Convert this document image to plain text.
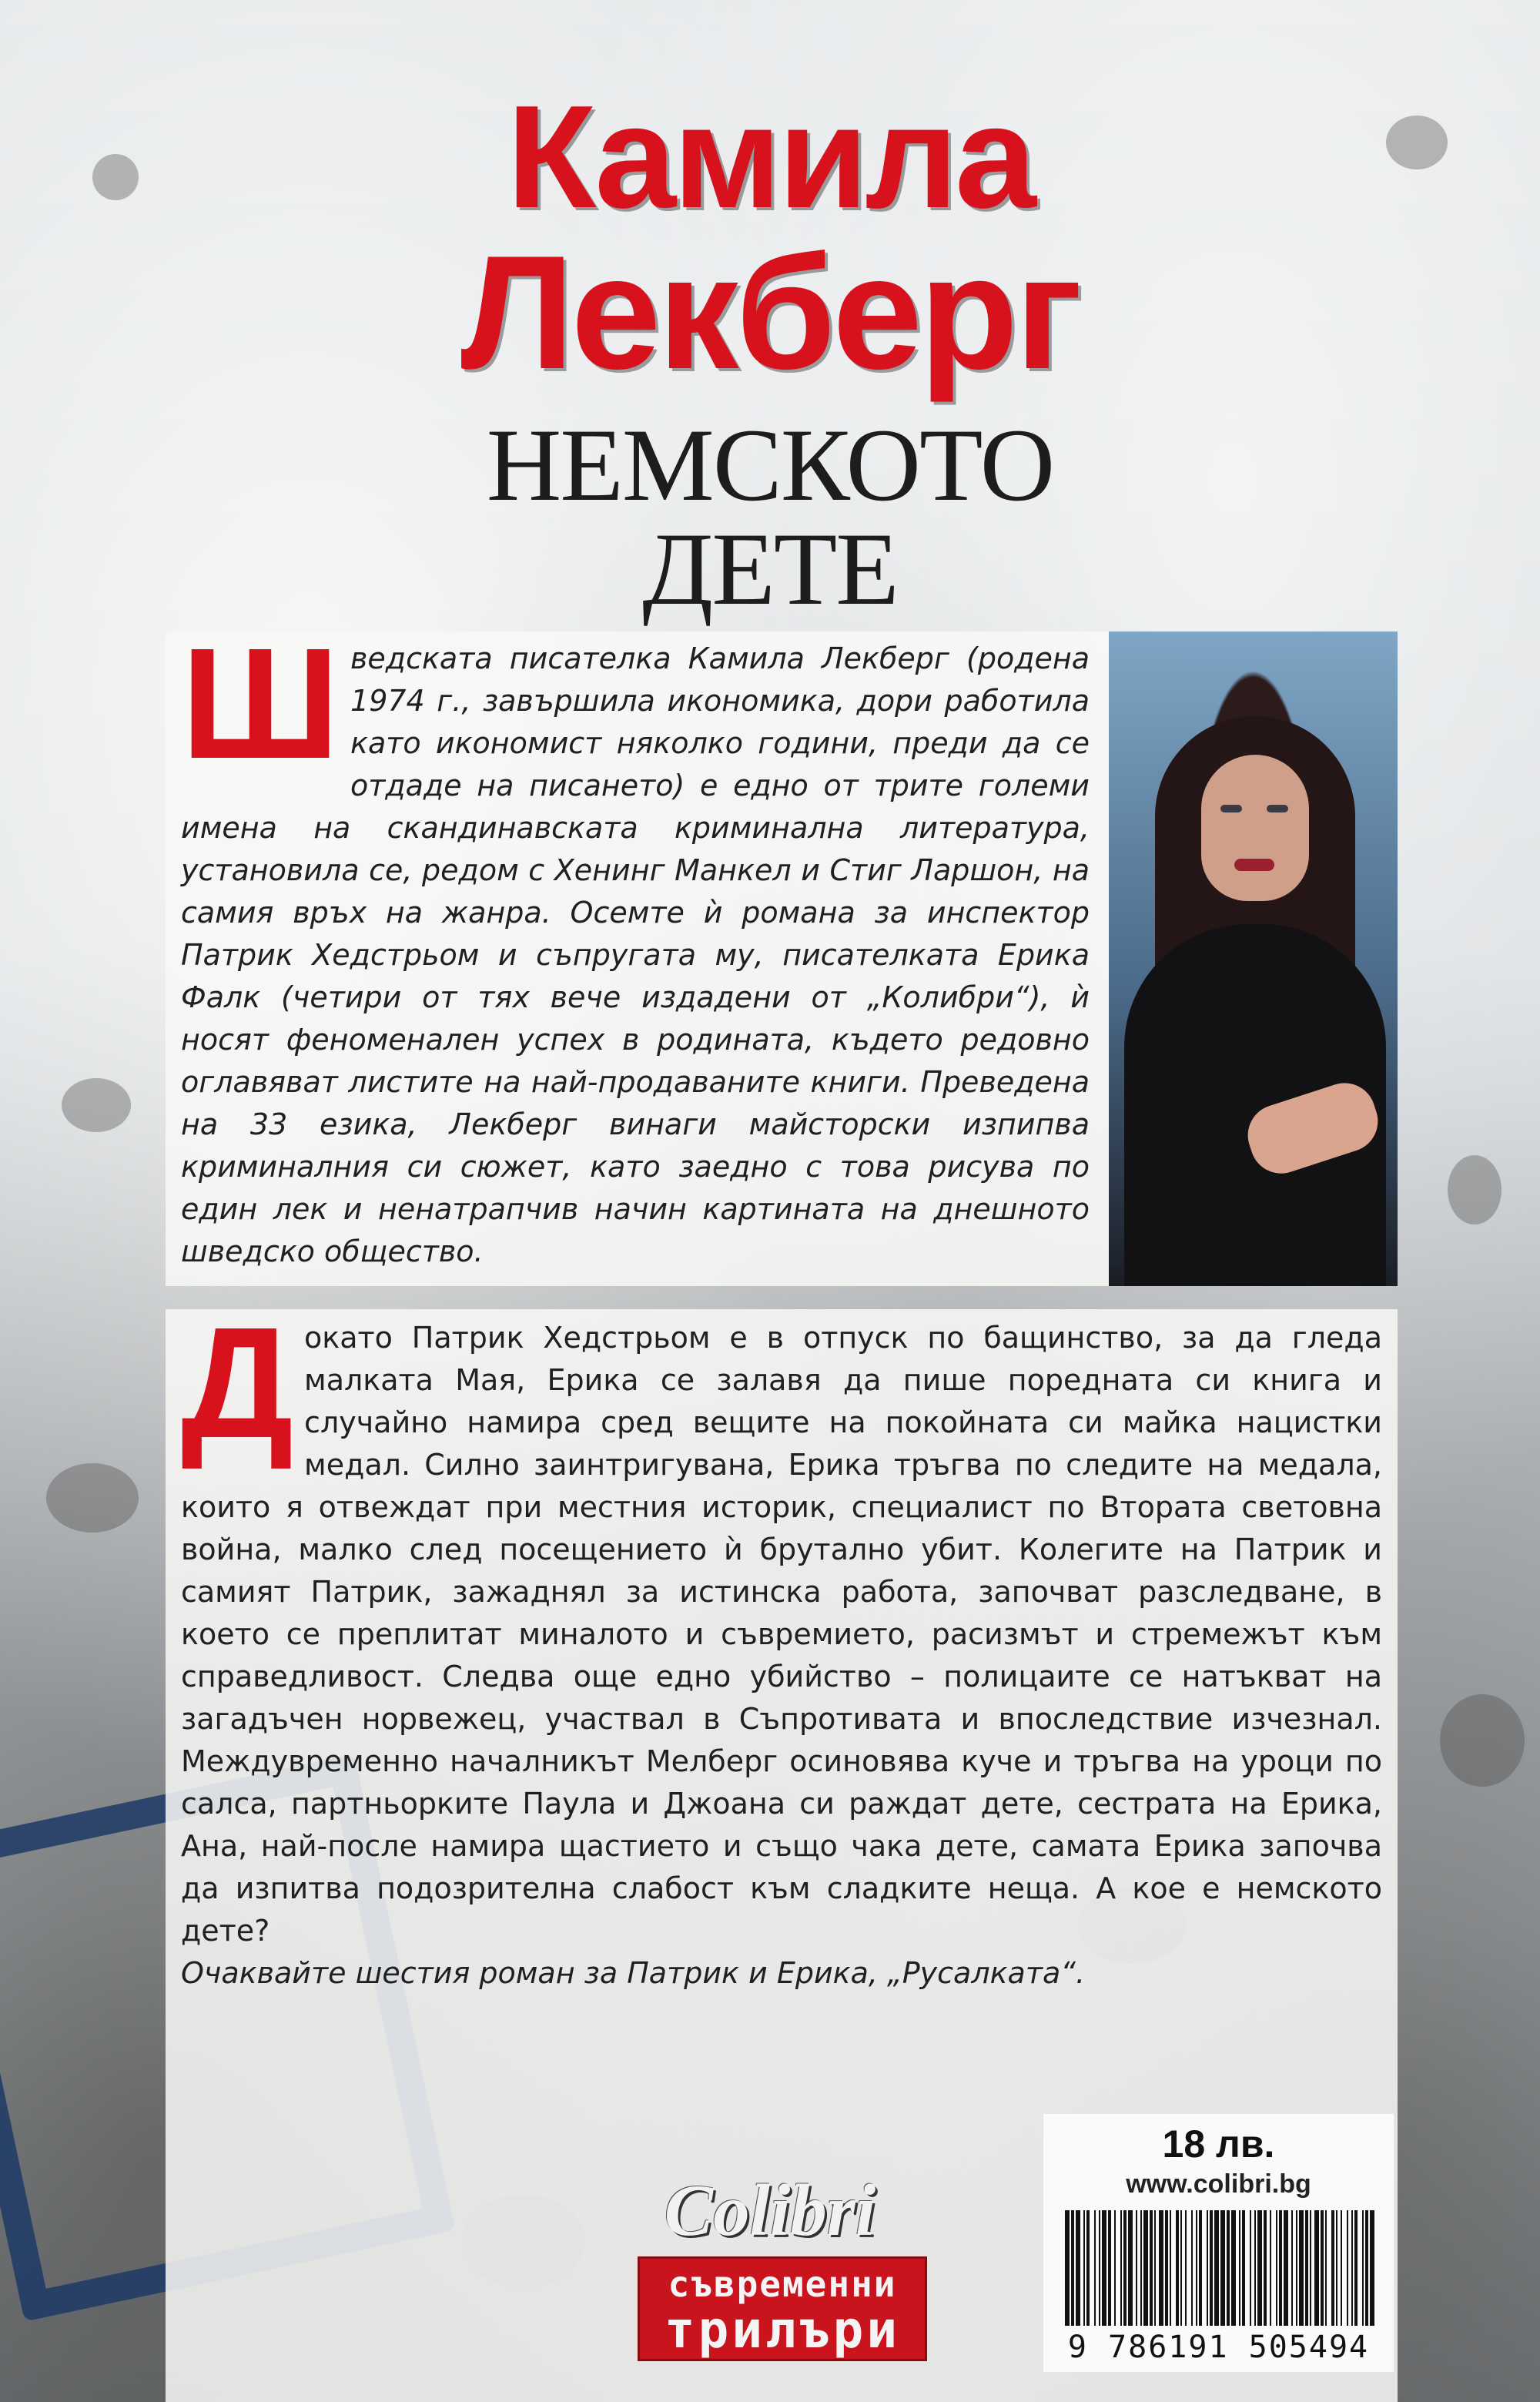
Камила
Лекберг
НЕМСКОТО
ДЕТЕ

Шведската писателка Камила Лекберг (родена 1974 г., завършила икономика, дори работила като икономист няколко години, преди да се отдаде на писането) е едно от трите големи имена на скандинавската криминална литература, установила се, редом с Хенинг Манкел и Стиг Ларшон, на самия връх на жанра. Осемте ѝ романа за инспектор Патрик Хедстрьом и съпругата му, писателката Ерика Фалк (четири от тях вече издадени от „Колибри“), ѝ носят феноменален успех в родината, където редовно оглавяват листите на най-продаваните книги. Преведена на 33 езика, Лекберг винаги майсторски изпипва криминалния си сюжет, като заедно с това рисува по един лек и ненатрапчив начин картината на днешното шведско общество.

Докато Патрик Хедстрьом е в отпуск по бащинство, за да гледа малката Мая, Ерика се залавя да пише поредната си книга и случайно намира сред вещите на покойната си майка нацистки медал. Силно заинтригувана, Ерика тръгва по следите на медала, които я отвеждат при местния историк, специалист по Втората световна война, малко след посещението ѝ брутално убит. Колегите на Патрик и самият Патрик, зажаднял за истинска работа, започват разследване, в което се преплитат миналото и съвремието, расизмът и стремежът към справедливост. Следва още едно убийство – полицаите се натъкват на загадъчен норвежец, участвал в Съпротивата и впоследствие изчезнал. Междувременно началникът Мелберг осиновява куче и тръгва на уроци по салса, партньорките Паула и Джоана си раждат дете, сестрата на Ерика, Ана, най-после намира щастието и също чака дете, самата Ерика започва да изпитва подозрителна слабост към сладките неща. А кое е немското дете?
Очаквайте шестия роман за Патрик и Ерика, „Русалката“.

Colibri
съвременни
трилъри
18 лв.
www.colibri.bg
9 786191 505494
